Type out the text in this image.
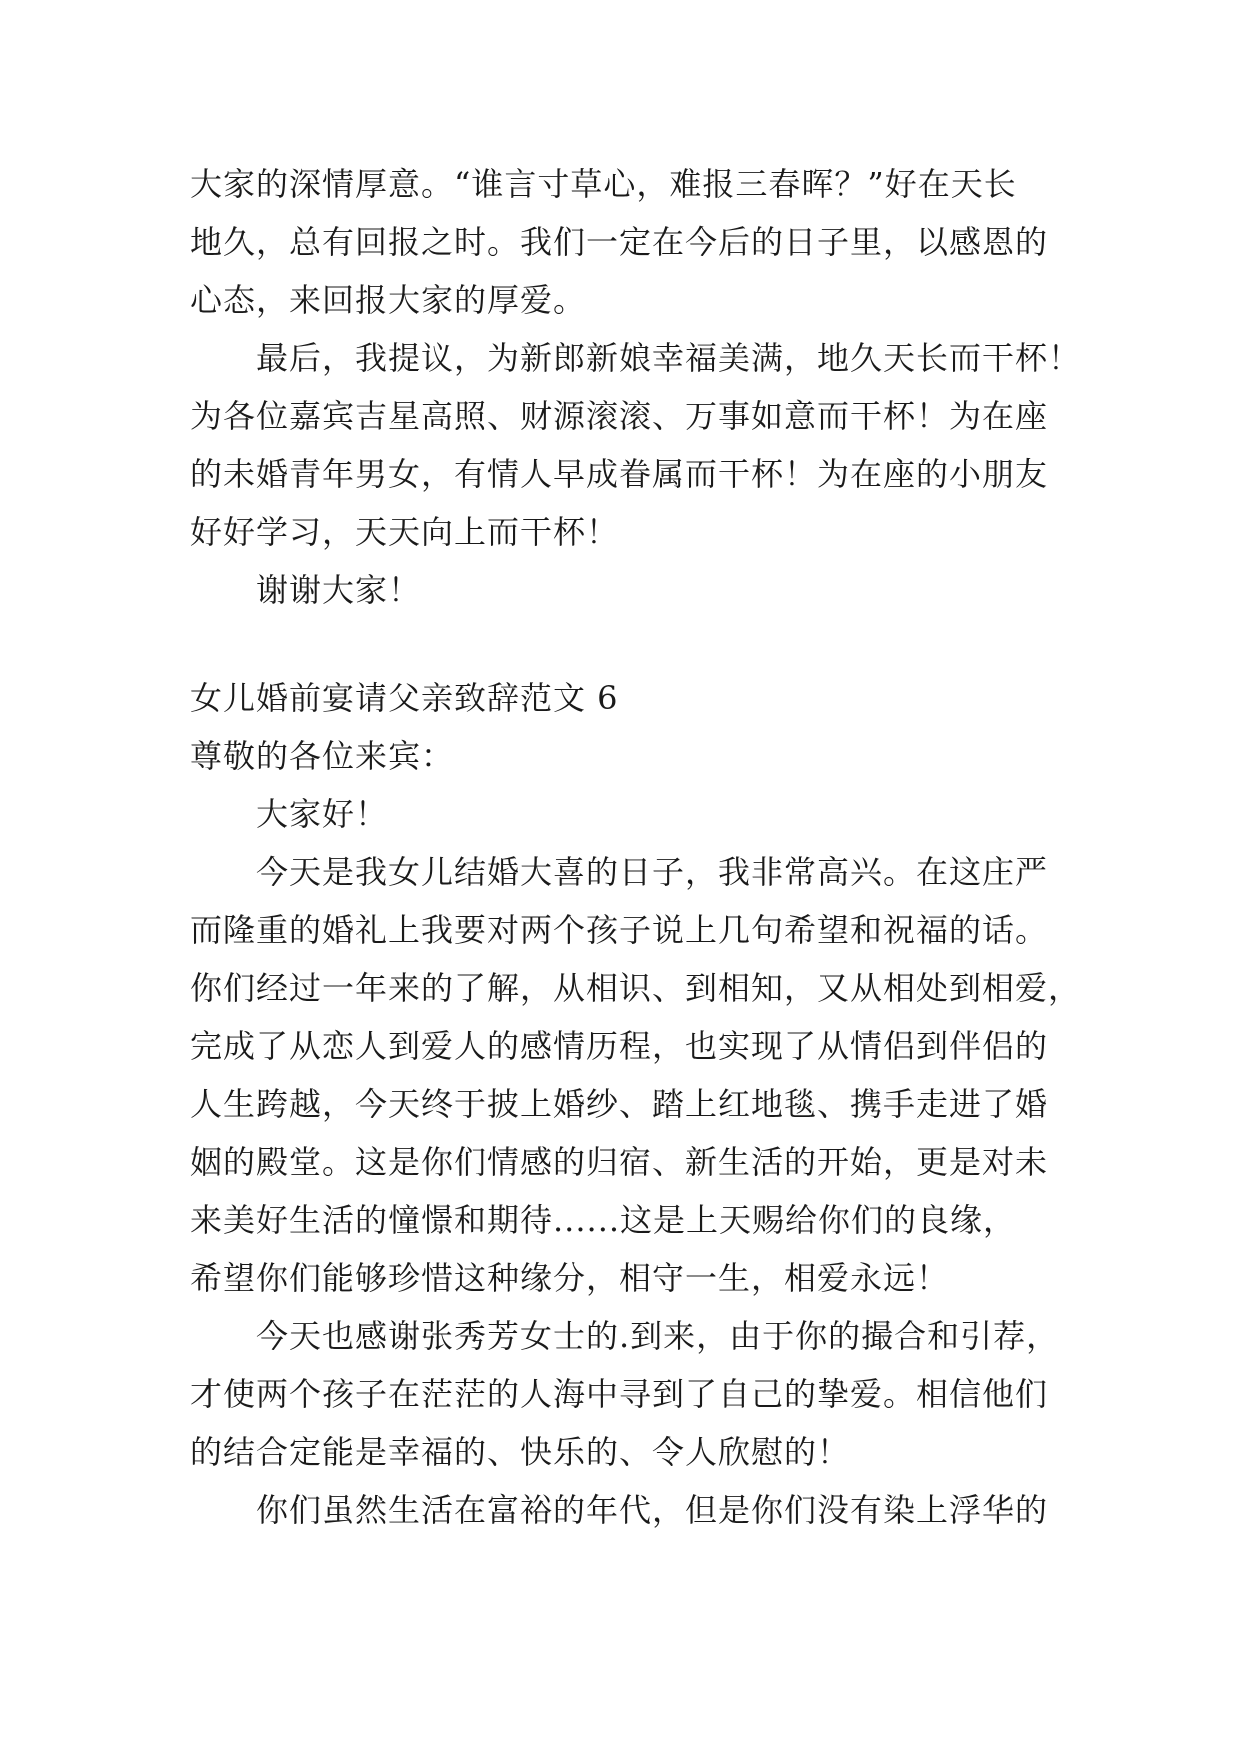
大家的深情厚意。“谁言寸草心，难报三春晖？”好在天长
地久，总有回报之时。我们一定在今后的日子里，以感恩的
心态，来回报大家的厚爱。
最后，我提议，为新郎新娘幸福美满，地久天长而干杯！
为各位嘉宾吉星高照、财源滚滚、万事如意而干杯！为在座
的未婚青年男女，有情人早成眷属而干杯！为在座的小朋友
好好学习，天天向上而干杯！
谢谢大家！
女儿婚前宴请父亲致辞范文 6
尊敬的各位来宾：
大家好！
今天是我女儿结婚大喜的日子，我非常高兴。在这庄严
而隆重的婚礼上我要对两个孩子说上几句希望和祝福的话。
你们经过一年来的了解，从相识、到相知，又从相处到相爱，
完成了从恋人到爱人的感情历程，也实现了从情侣到伴侣的
人生跨越，今天终于披上婚纱、踏上红地毯、携手走进了婚
姻的殿堂。这是你们情感的归宿、新生活的开始，更是对未
来美好生活的憧憬和期待......这是上天赐给你们的良缘，
希望你们能够珍惜这种缘分，相守一生，相爱永远！
今天也感谢张秀芳女士的.到来，由于你的撮合和引荐，
才使两个孩子在茫茫的人海中寻到了自己的挚爱。相信他们
的结合定能是幸福的、快乐的、令人欣慰的！
你们虽然生活在富裕的年代，但是你们没有染上浮华的
